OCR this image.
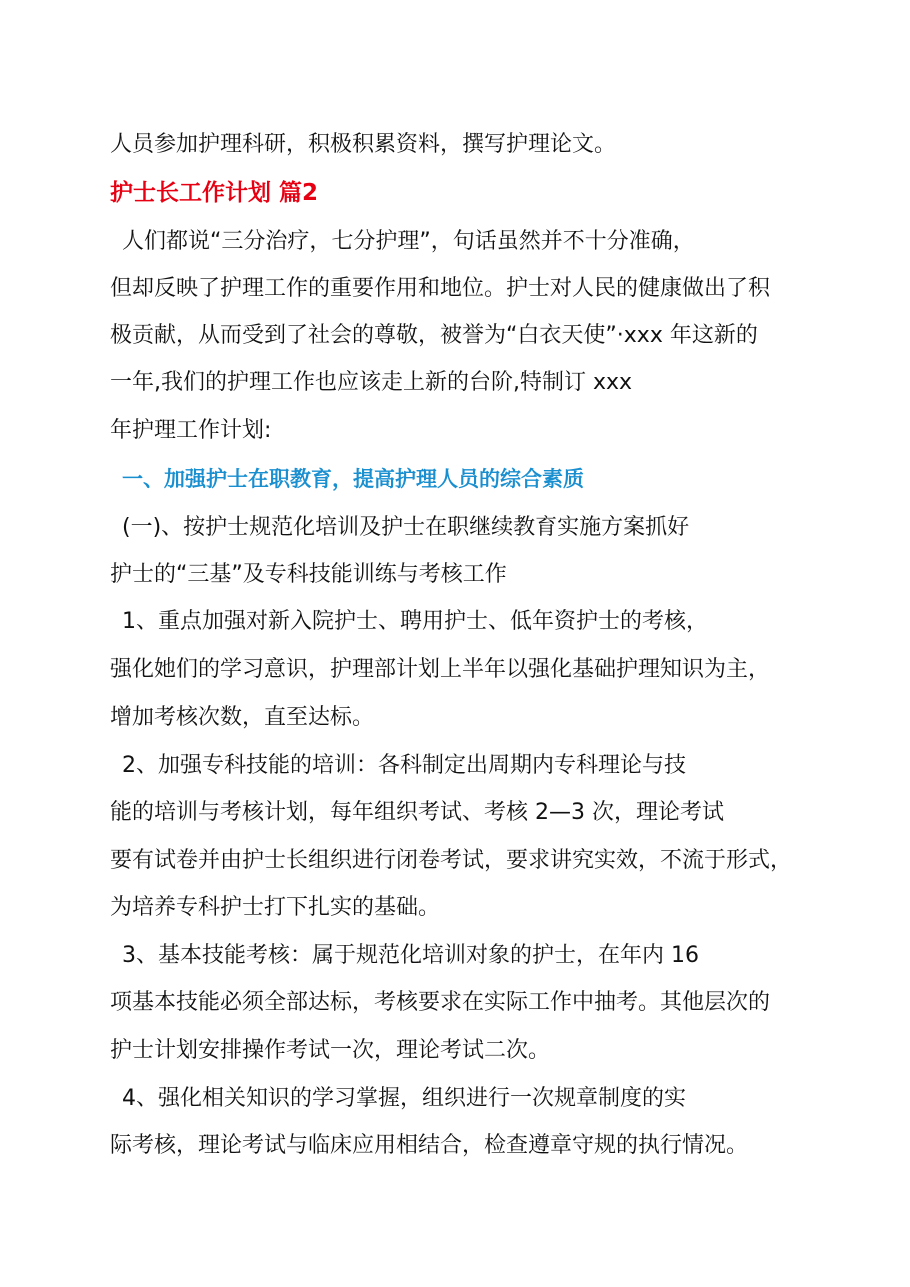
人员参加护理科研，积极积累资料，撰写护理论文。
护士长工作计划 篇2
人们都说“三分治疗，七分护理”，句话虽然并不十分准确，
但却反映了护理工作的重要作用和地位。护士对人民的健康做出了积
极贡献，从而受到了社会的尊敬，被誉为“白衣天使”·xxx 年这新的
一年,我们的护理工作也应该走上新的台阶,特制订 xxx
年护理工作计划:
一、加强护士在职教育，提高护理人员的综合素质
(一)、按护士规范化培训及护士在职继续教育实施方案抓好
护士的“三基”及专科技能训练与考核工作
1、重点加强对新入院护士、聘用护士、低年资护士的考核，
强化她们的学习意识，护理部计划上半年以强化基础护理知识为主，
增加考核次数，直至达标。
2、加强专科技能的培训：各科制定出周期内专科理论与技
能的培训与考核计划，每年组织考试、考核 2—3 次，理论考试
要有试卷并由护士长组织进行闭卷考试，要求讲究实效，不流于形式，
为培养专科护士打下扎实的基础。
3、基本技能考核：属于规范化培训对象的护士，在年内 16
项基本技能必须全部达标，考核要求在实际工作中抽考。其他层次的
护士计划安排操作考试一次，理论考试二次。
4、强化相关知识的学习掌握，组织进行一次规章制度的实
际考核，理论考试与临床应用相结合，检查遵章守规的执行情况。
